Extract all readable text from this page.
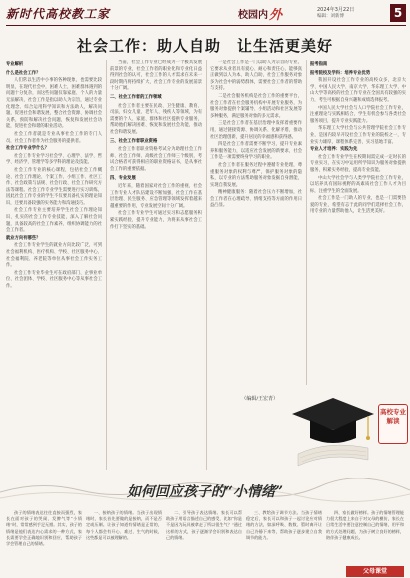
新时代高校教工家	校园内 外	2024年3月22日
编辑：刘新博	5
社会工作：助人自助　让生活更美好

专业解析

什么是社会工作？

人们常以生活中小事的各种现象，也需要比较明显，在现代社会中，困难人士，困难群体遇到的问题十分复杂，而这些问题仅靠家庭、个人的力量无法解决，社会工作是指以助人为宗旨，通过专业化理念、综合运用科学知识和方法助人，解决问题，促进社会和谐发展，整合社会资源、协调社会关系，预防和解决社会问题，恢复和发展社会功能，促进社会和谐的职业活动。

社会工作者就是专业从事社会工作的专门人员，社会工作者作为社会服务的提供者。

社会工作专业学什么？

社会工作专业学习社会学、心理学、法学、哲学、经济学，管理学等多学科的理论及技能。

社会工作专业的核心课程，包括社会工作概论、社会工作理论、个案工作、小组工作、社区工作、社会政策与法规、社会行政、社会工作研究方法等课程。社会工作专业学生需要进行实习训练，因此社会工作专业的学生不仅要具备扎实的理论知识，还要具备较强的实务能力和沟通技巧。

社会工作专业主要培养学生社会工作理论知识、扎实的社会工作专业技能，深入了解社会问题，具备较高的社会工作素养、组织协调能力的社会工作者。

就业方向有哪些？

社会工作专业学生的就业方向比较广泛，可到社会福利机构、医疗机构、学校、社区服务中心、社会福利院、养老院等单位从事社会工作实务工作。

社会工作专业毕业生可在政府部门、企事业单位、社会团体、学校、社区服务中心等从事社会工作。

当前，社会工作专业已经成为一个极具发展前景的专业，社会工作者的职业化和专业化日益得到社会的认可，社会工作的人才需求在未来一段时期内将持续扩大，社会工作专业的发展前景十分广阔。

二、社会工作者的工作领域

社会工作者主要在民政、卫生健康、教育、司法、妇女儿童、老年人、残疾人等领域，为有需要的个人、家庭、群体和社区提供专业服务，帮助他们解决困难、恢复和发展社会功能，推动社会和谐发展。

三、社会工作者职业资格

社会工作者职业资格考试分为助理社会工作师、社会工作师、高级社会工作师三个级别，考试合格者可获得相应的职业资格证书，是从事社会工作的重要依据。

四、专业发展

近年来，随着国家对社会工作的重视，社会工作专业人才队伍建设不断加强，社会工作在基层治理、民生服务、应急管理等领域发挥着越来越重要的作用，专业发展空间十分广阔。

社会工作专业学生可通过实习和志愿服务积累实践经验，提升专业能力，为将来从事社会工作打下坚实的基础。

一是社会工作是一门以助人为宗旨的专业，它要求从业者具有爱心、耐心和责任心，能够真正做到以人为本、助人自助，社会工作服务对象多为社会中的弱势群体，需要社会工作者的帮助与支持。

二是社会服务机构是社会工作的重要平台，社会工作者在社会服务机构中开展专业服务，为服务对象提供个案辅导、小组活动和社区发展等多种服务，满足服务对象的多元需求。

三是社会工作者在基层治理中发挥着重要作用，通过链接资源、协调关系、化解矛盾，推动社区治理创新，提升居民的幸福感和获得感。

四是社会工作者需要不断学习，提升专业素养和服务能力，以适应社会发展的新要求，社会工作是一项需要终身学习的职业。

社会工作者在服务过程中遵循专业伦理，尊重服务对象的权利与尊严，保护服务对象的隐私，以专业的方法帮助服务对象发掘自身潜能，实现自我发展。

精神健康服务：随着社会压力不断增加，社会工作者在心理疏导、情绪支持等方面的作用日益凸显。

报考指南

报考院校及学科：培养专业优势

我国开设社会工作专业的高校众多，北京大学、中国人民大学、南京大学、华东理工大学、中山大学等高校的社会工作专业在全国具有较强的实力，考生可根据自身兴趣和成绩选择报考。

中国人民大学社会与人口学院社会工作专业，注重理论与实践相结合，学生有机会参与各类社会服务项目，提升专业实践能力。

华东理工大学社会与公共管理学院社会工作专业，是国内较早开设社会工作专业的院校之一，专业实力雄厚，课程体系完善，实习基地丰富。

专业人才培养：实践为先

社会工作专业学生在校期间需完成一定时长的专业实习，在实习中运用所学知识为服务对象提供服务，积累实务经验，提高专业技能。

中山大学社会学与人类学学院社会工作专业，以培养具有国际视野的高素质社会工作人才为目标，注重学生的全面发展。

社会工作是一门助人的专业，也是一门需要热爱的专业，希望有志于此的同学们选择社会工作，用专业的力量帮助他人，让生活更美好。

（编辑/王宏青）
高校专业解读
如何回应孩子的“小情绪”

孩子的情绪表达往往直接而强烈，家长在面对孩子的哭闹、发脾气等“小情绪”时，常常感到手足无措。其实，孩子的情绪是他们表达内心需求的一种方式，家长需要学会正确地识别和回应，帮助孩子学会管理自己的情绪。

一、接纳孩子的情绪。当孩子出现情绪时，家长首先要做的是接纳，而不是否定或压制。让孩子知道有情绪是正常的，每个人都会有开心、难过、生气的时候，这些都是可以被理解的。

二、引导孩子表达情绪。家长可以帮助孩子用语言描述自己的感受，比如“你是不是因为玩具被拿走了所以很生气？”通过这样的方式，孩子逐渐学会识别和表达自己的情绪。

三、教给孩子调节方法。当孩子情绪稳定后，家长可以和孩子一起讨论应对情绪的方法，如深呼吸、数数、暂时离开让自己冷静下来等，帮助孩子逐步建立自我调节的能力。

四、家长做好榜样。孩子的情绪管理能力很大程度上来自于对父母的模仿，家长在日常生活中要注意控制自己的情绪，用平和的方式处理问题，为孩子树立良好的榜样，陪伴孩子健康成长。

父母课堂
